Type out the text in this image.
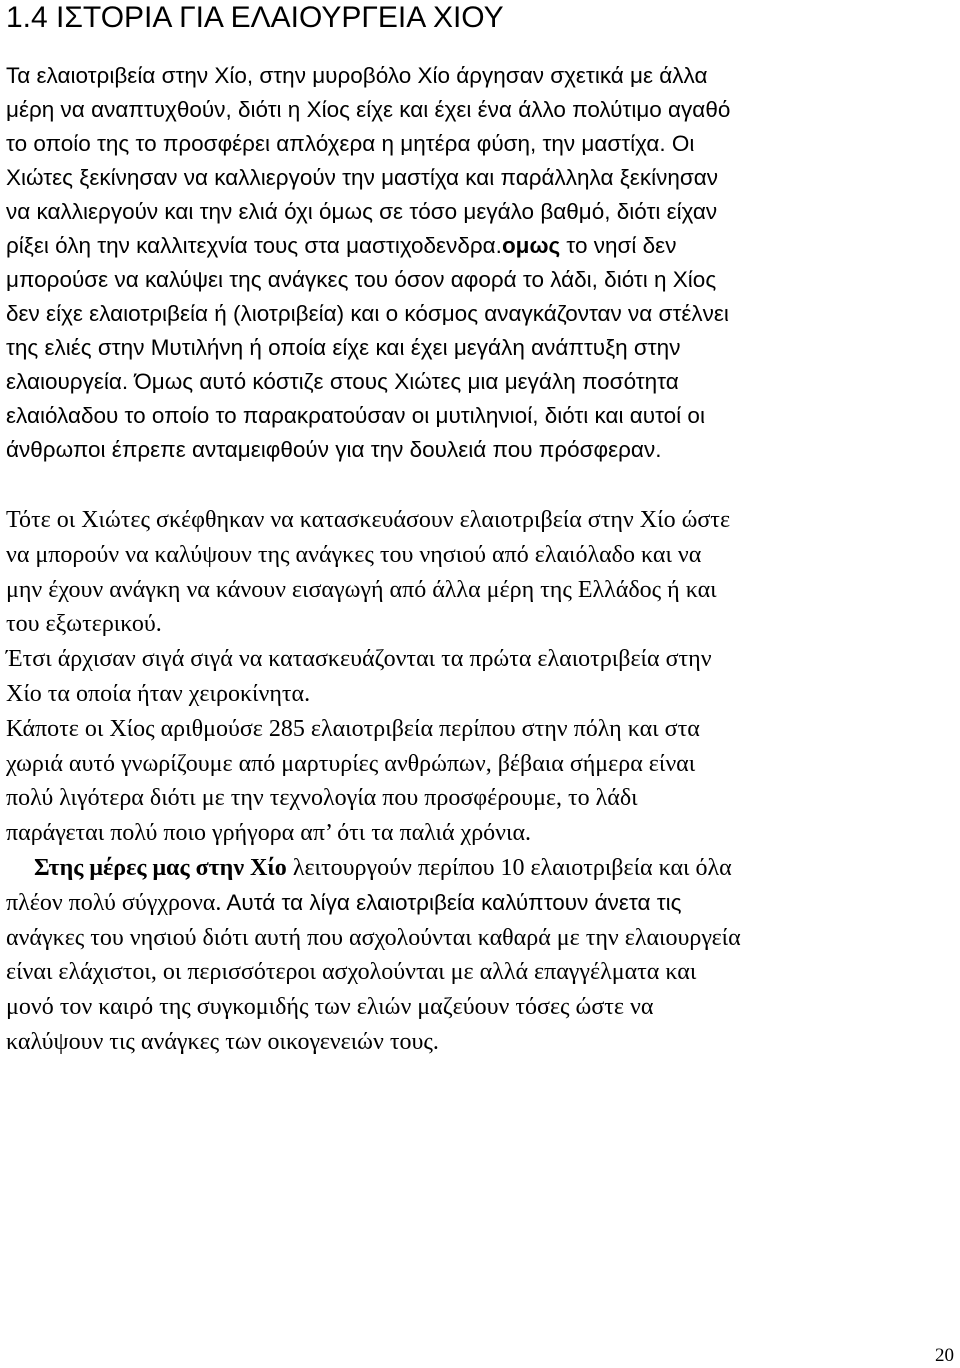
1.4 ΙΣΤΟΡΙΑ ΓΙΑ ΕΛΑΙΟΥΡΓΕΙΑ ΧΙΟΥ
Τα ελαιοτριβεία στην Χίο, στην μυροβόλο Χίο άργησαν σχετικά με άλλα
μέρη να αναπτυχθούν, διότι η Χίος είχε και έχει ένα άλλο πολύτιμο αγαθό
το οποίο της το προσφέρει απλόχερα η μητέρα φύση, την μαστίχα. Οι
Χιώτες ξεκίνησαν να καλλιεργούν την μαστίχα και παράλληλα ξεκίνησαν
να καλλιεργούν και την ελιά όχι όμως σε τόσο μεγάλο βαθμό, διότι είχαν
ρίξει όλη την καλλιτεχνία τους στα μαστιχοδενδρα.ομως το νησί δεν
μπορούσε να καλύψει της ανάγκες του όσον αφορά το λάδι, διότι η Χίος
δεν είχε ελαιοτριβεία ή (λιοτριβεία) και ο κόσμος αναγκάζονταν να στέλνει
της ελιές στην Μυτιλήνη ή οποία είχε και έχει μεγάλη ανάπτυξη στην
ελαιουργεία. Όμως αυτό κόστιζε στους Χιώτες μια μεγάλη ποσότητα
ελαιόλαδου το οποίο το παρακρατούσαν οι μυτιληνιοί, διότι και αυτοί οι
άνθρωποι έπρεπε ανταμειφθούν για την δουλειά που πρόσφεραν.
Τότε οι Χιώτες σκέφθηκαν να κατασκευάσουν ελαιοτριβεία στην Χίο ώστε
να μπορούν να καλύψουν της ανάγκες του νησιού από ελαιόλαδο και να
μην έχουν ανάγκη να κάνουν εισαγωγή από άλλα μέρη της Ελλάδος ή και
του εξωτερικού.
Έτσι άρχισαν σιγά σιγά να κατασκευάζονται τα πρώτα ελαιοτριβεία στην
Χίο τα οποία ήταν χειροκίνητα.
Κάποτε οι Χίος αριθμούσε 285 ελαιοτριβεία περίπου στην πόλη και στα
χωριά αυτό γνωρίζουμε από μαρτυρίες ανθρώπων, βέβαια σήμερα είναι
πολύ λιγότερα διότι με την τεχνολογία που προσφέρουμε, το λάδι
παράγεται πολύ ποιο γρήγορα απ’ ότι τα παλιά χρόνια.
Στης μέρες μας στην Χίο λειτουργούν περίπου 10 ελαιοτριβεία και όλα
πλέον πολύ σύγχρονα. Αυτά τα λίγα ελαιοτριβεία καλύπτουν άνετα τις
ανάγκες του νησιού διότι αυτή που ασχολούνται καθαρά με την ελαιουργεία
είναι ελάχιστοι, οι περισσότεροι ασχολούνται με αλλά επαγγέλματα και
μονό τον καιρό της συγκομιδής των ελιών μαζεύουν τόσες ώστε να
καλύψουν τις ανάγκες των οικογενειών τους.
20
